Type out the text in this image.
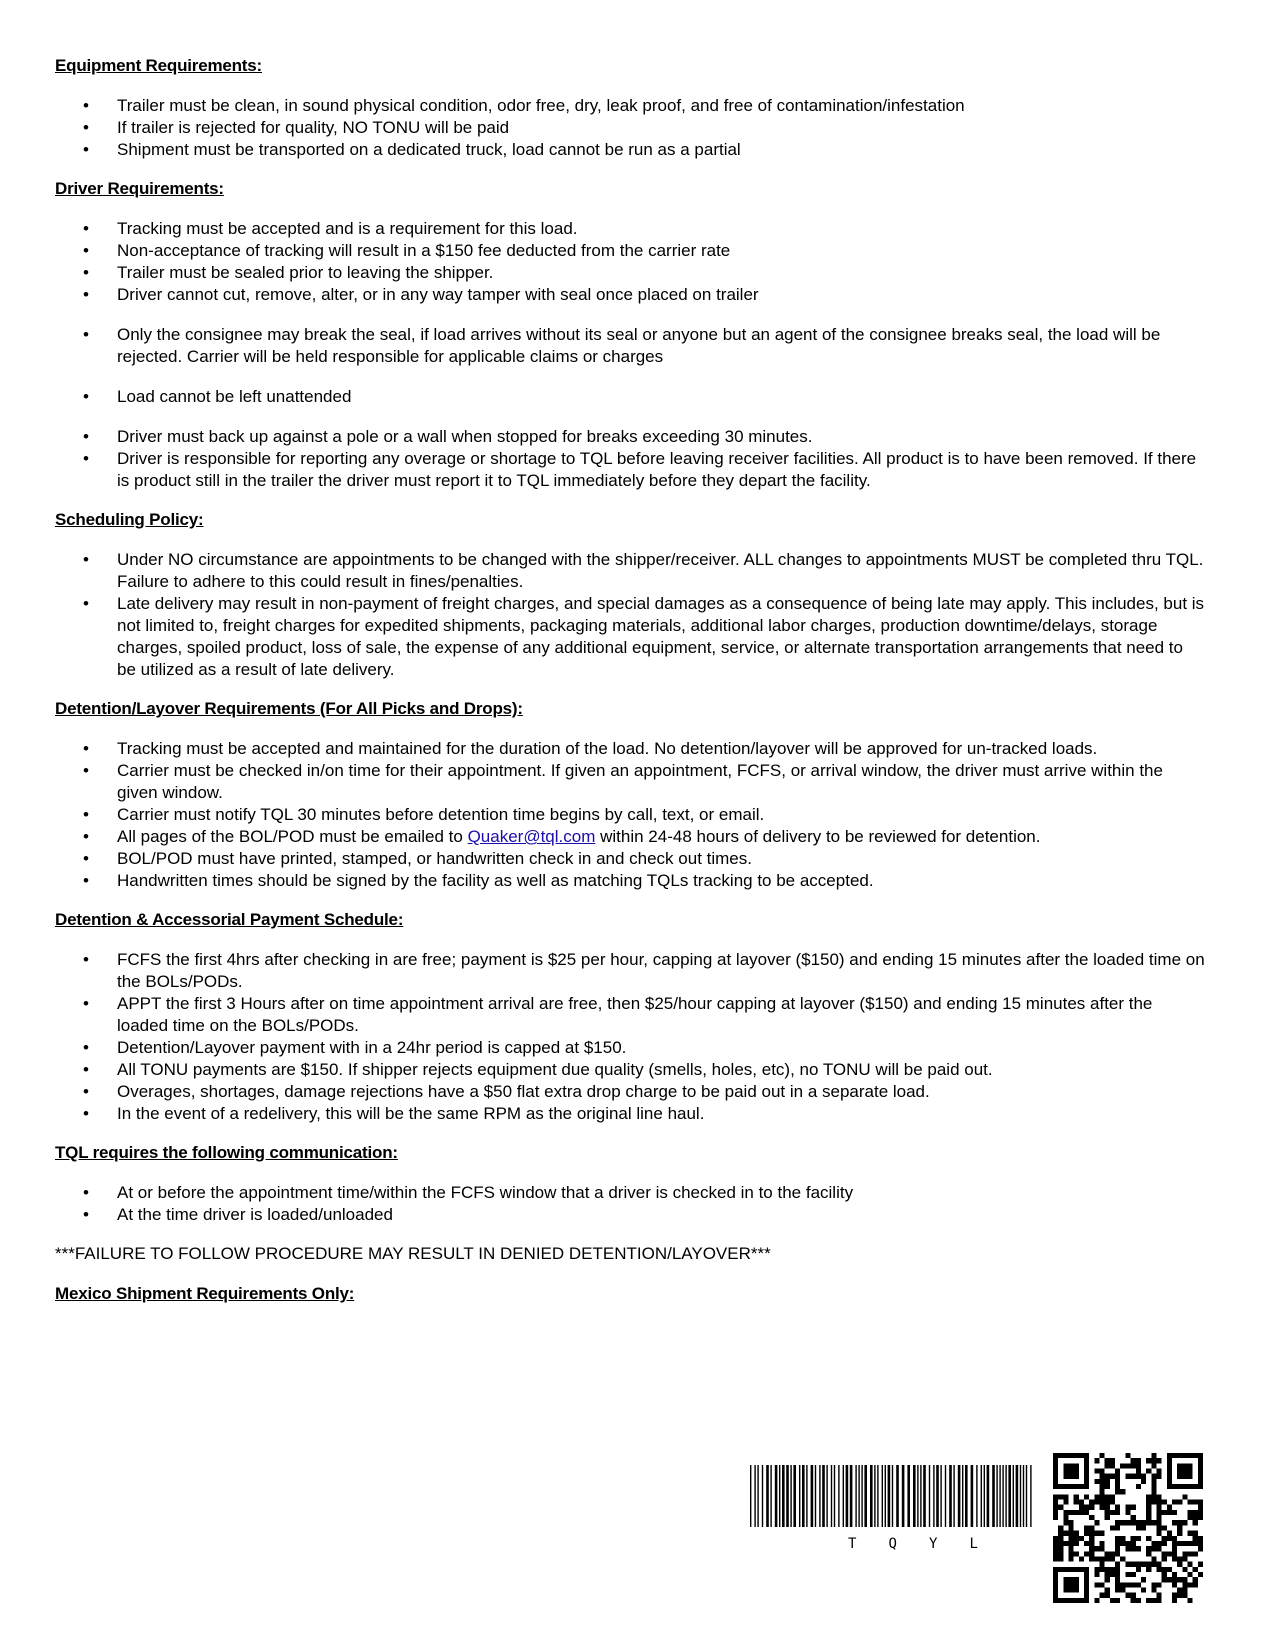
Equipment Requirements:
• Trailer must be clean, in sound physical condition, odor free, dry, leak proof, and free of contamination/infestation
• If trailer is rejected for quality, NO TONU will be paid
• Shipment must be transported on a dedicated truck, load cannot be run as a partial
Driver Requirements:
• Tracking must be accepted and is a requirement for this load.
• Non-acceptance of tracking will result in a $150 fee deducted from the carrier rate
• Trailer must be sealed prior to leaving the shipper.
• Driver cannot cut, remove, alter, or in any way tamper with seal once placed on trailer
• Only the consignee may break the seal, if load arrives without its seal or anyone but an agent of the consignee breaks seal, the load will be rejected. Carrier will be held responsible for applicable claims or charges
• Load cannot be left unattended
• Driver must back up against a pole or a wall when stopped for breaks exceeding 30 minutes.
• Driver is responsible for reporting any overage or shortage to TQL before leaving receiver facilities. All product is to have been removed. If there is product still in the trailer the driver must report it to TQL immediately before they depart the facility.
Scheduling Policy:
• Under NO circumstance are appointments to be changed with the shipper/receiver. ALL changes to appointments MUST be completed thru TQL. Failure to adhere to this could result in fines/penalties.
• Late delivery may result in non-payment of freight charges, and special damages as a consequence of being late may apply. This includes, but is not limited to, freight charges for expedited shipments, packaging materials, additional labor charges, production downtime/delays, storage charges, spoiled product, loss of sale, the expense of any additional equipment, service, or alternate transportation arrangements that need to be utilized as a result of late delivery.
Detention/Layover Requirements (For All Picks and Drops):
• Tracking must be accepted and maintained for the duration of the load. No detention/layover will be approved for un-tracked loads.
• Carrier must be checked in/on time for their appointment. If given an appointment, FCFS, or arrival window, the driver must arrive within the given window.
• Carrier must notify TQL 30 minutes before detention time begins by call, text, or email.
• All pages of the BOL/POD must be emailed to Quaker@tql.com within 24-48 hours of delivery to be reviewed for detention.
• BOL/POD must have printed, stamped, or handwritten check in and check out times.
• Handwritten times should be signed by the facility as well as matching TQLs tracking to be accepted.
Detention & Accessorial Payment Schedule:
• FCFS the first 4hrs after checking in are free; payment is $25 per hour, capping at layover ($150) and ending 15 minutes after the loaded time on the BOLs/PODs.
• APPT the first 3 Hours after on time appointment arrival are free, then $25/hour capping at layover ($150) and ending 15 minutes after the loaded time on the BOLs/PODs.
• Detention/Layover payment with in a 24hr period is capped at $150.
• All TONU payments are $150. If shipper rejects equipment due quality (smells, holes, etc), no TONU will be paid out.
• Overages, shortages, damage rejections have a $50 flat extra drop charge to be paid out in a separate load.
• In the event of a redelivery, this will be the same RPM as the original line haul.
TQL requires the following communication:
• At or before the appointment time/within the FCFS window that a driver is checked in to the facility
• At the time driver is loaded/unloaded
***FAILURE TO FOLLOW PROCEDURE MAY RESULT IN DENIED DETENTION/LAYOVER***
Mexico Shipment Requirements Only:
T Q Y L
